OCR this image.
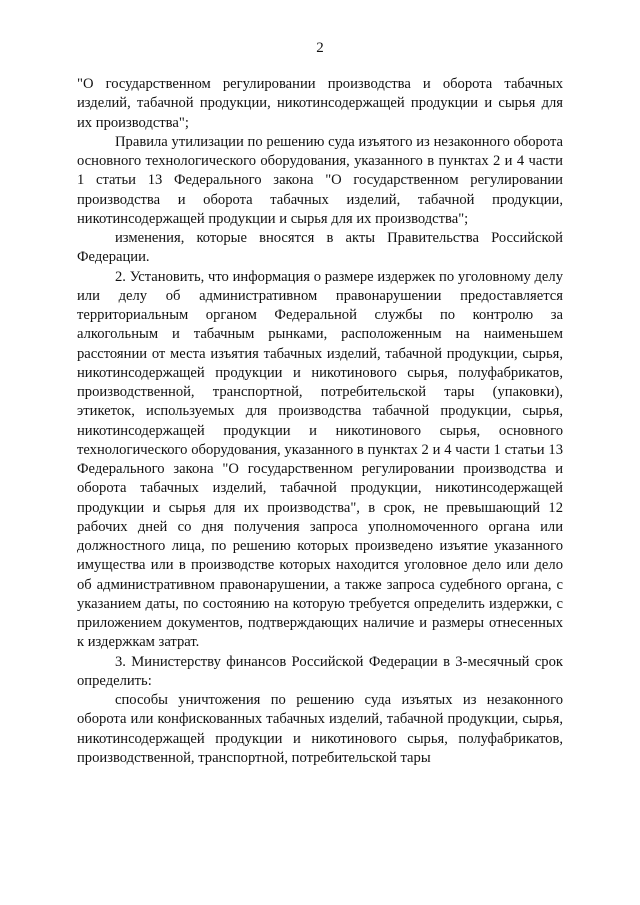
2

"О государственном регулировании производства и оборота табачных изделий, табачной продукции, никотинсодержащей продукции и сырья для их производства";

Правила утилизации по решению суда изъятого из незаконного оборота основного технологического оборудования, указанного в пунктах 2 и 4 части 1 статьи 13 Федерального закона "О государственном регулировании производства и оборота табачных изделий, табачной продукции, никотинсодержащей продукции и сырья для их производства";

изменения, которые вносятся в акты Правительства Российской Федерации.

2. Установить, что информация о размере издержек по уголовному делу или делу об административном правонарушении предоставляется территориальным органом Федеральной службы по контролю за алкогольным и табачным рынками, расположенным на наименьшем расстоянии от места изъятия табачных изделий, табачной продукции, сырья, никотинсодержащей продукции и никотинового сырья, полуфабрикатов, производственной, транспортной, потребительской тары (упаковки), этикеток, используемых для производства табачной продукции, сырья, никотинсодержащей продукции и никотинового сырья, основного технологического оборудования, указанного в пунктах 2 и 4 части 1 статьи 13 Федерального закона "О государственном регулировании производства и оборота табачных изделий, табачной продукции, никотинсодержащей продукции и сырья для их производства", в срок, не превышающий 12 рабочих дней со дня получения запроса уполномоченного органа или должностного лица, по решению которых произведено изъятие указанного имущества или в производстве которых находится уголовное дело или дело об административном правонарушении, а также запроса судебного органа, с указанием даты, по состоянию на которую требуется определить издержки, с приложением документов, подтверждающих наличие и размеры отнесенных к издержкам затрат.

3. Министерству финансов Российской Федерации в 3-месячный срок определить:

способы уничтожения по решению суда изъятых из незаконного оборота или конфискованных табачных изделий, табачной продукции, сырья, никотинсодержащей продукции и никотинового сырья, полуфабрикатов, производственной, транспортной, потребительской тары
